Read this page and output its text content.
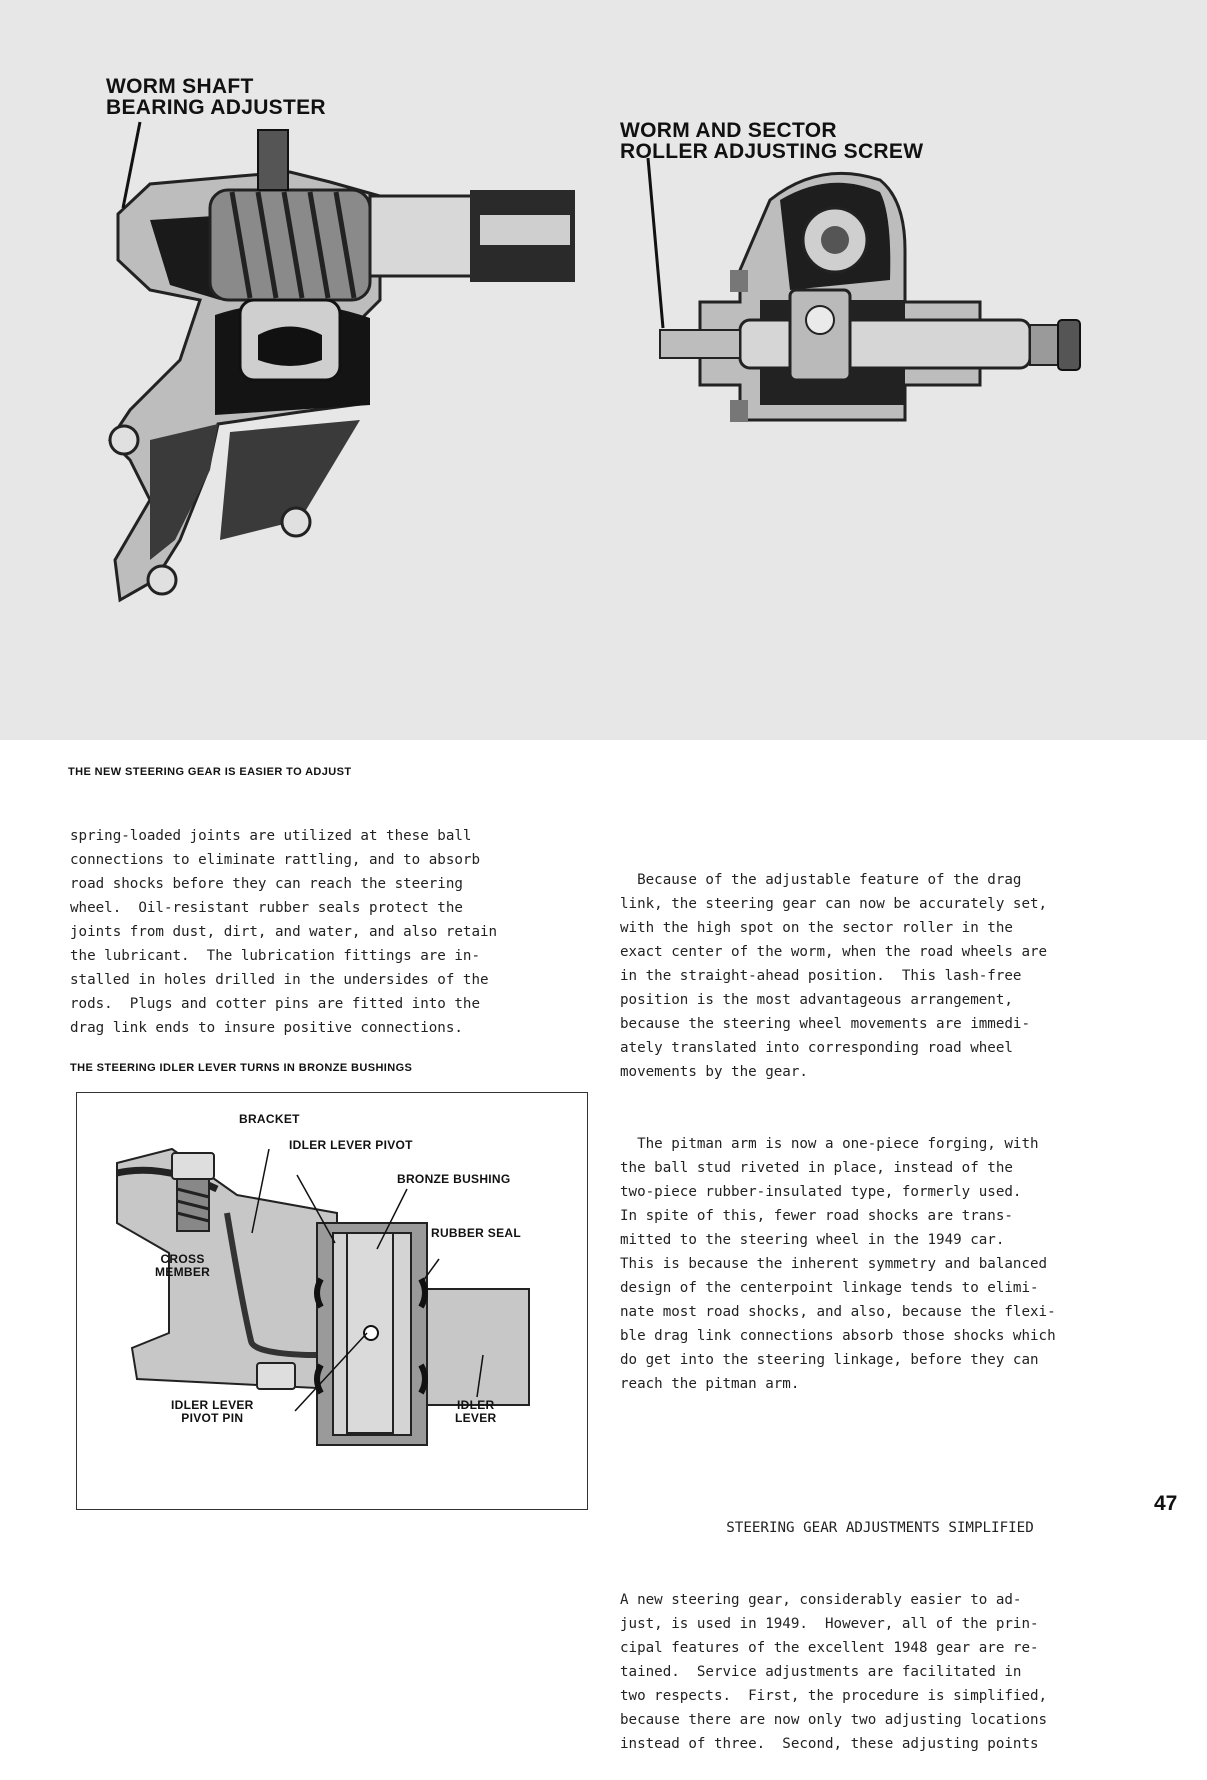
WORM SHAFT
BEARING ADJUSTER
WORM AND SECTOR
ROLLER ADJUSTING SCREW
THE NEW STEERING GEAR IS EASIER TO ADJUST
spring-loaded joints are utilized at these ball
connections to eliminate rattling, and to absorb
road shocks before they can reach the steering
wheel.  Oil-resistant rubber seals protect the
joints from dust, dirt, and water, and also retain
the lubricant.  The lubrication fittings are in-
stalled in holes drilled in the undersides of the
rods.  Plugs and cotter pins are fitted into the
drag link ends to insure positive connections.
THE STEERING IDLER LEVER TURNS IN BRONZE BUSHINGS
BRACKET
IDLER LEVER PIVOT
BRONZE BUSHING
RUBBER SEAL
CROSS
MEMBER
IDLER LEVER
PIVOT PIN
IDLER
LEVER

Because of the adjustable feature of the drag
link, the steering gear can now be accurately set,
with the high spot on the sector roller in the
exact center of the worm, when the road wheels are
in the straight-ahead position.  This lash-free
position is the most advantageous arrangement,
because the steering wheel movements are immedi-
ately translated into corresponding road wheel
movements by the gear.

The pitman arm is now a one-piece forging, with
the ball stud riveted in place, instead of the
two-piece rubber-insulated type, formerly used.
In spite of this, fewer road shocks are trans-
mitted to the steering wheel in the 1949 car.
This is because the inherent symmetry and balanced
design of the centerpoint linkage tends to elimi-
nate most road shocks, and also, because the flexi-
ble drag link connections absorb those shocks which
do get into the steering linkage, before they can
reach the pitman arm.

STEERING GEAR ADJUSTMENTS SIMPLIFIED

A new steering gear, considerably easier to ad-
just, is used in 1949.  However, all of the prin-
cipal features of the excellent 1948 gear are re-
tained.  Service adjustments are facilitated in
two respects.  First, the procedure is simplified,
because there are now only two adjusting locations
instead of three.  Second, these adjusting points

47
